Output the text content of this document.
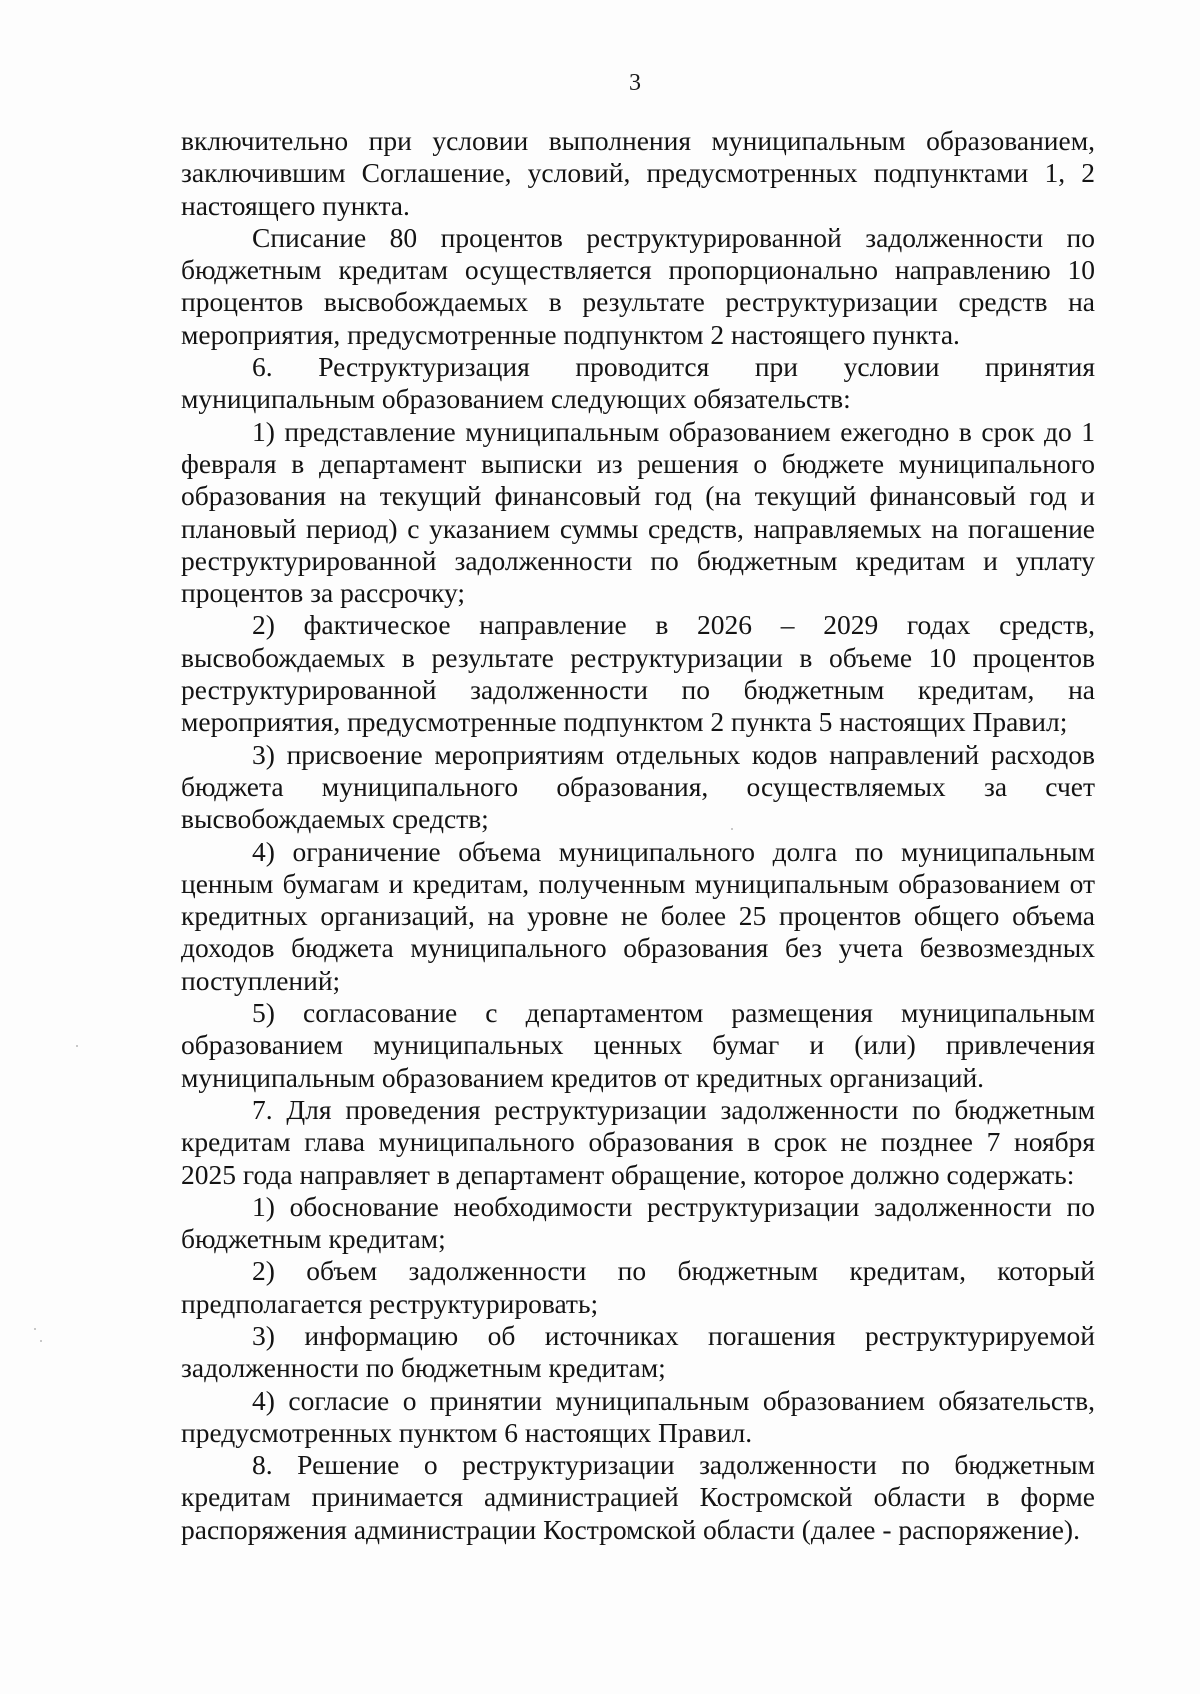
3

включительно при условии выполнения муниципальным образованием, заключившим Соглашение, условий, предусмотренных подпунктами 1, 2 настоящего пункта.

Списание 80 процентов реструктурированной задолженности по бюджетным кредитам осуществляется пропорционально направлению 10 процентов высвобождаемых в результате реструктуризации средств на мероприятия, предусмотренные подпунктом 2 настоящего пункта.

6. Реструктуризация проводится при условии принятия муниципальным образованием следующих обязательств:

1) представление муниципальным образованием ежегодно в срок до 1 февраля в департамент выписки из решения о бюджете муниципального образования на текущий финансовый год (на текущий финансовый год и плановый период) с указанием суммы средств, направляемых на погашение реструктурированной задолженности по бюджетным кредитам и уплату процентов за рассрочку;

2) фактическое направление в 2026 – 2029 годах средств, высвобождаемых в результате реструктуризации в объеме 10 процентов реструктурированной задолженности по бюджетным кредитам, на мероприятия, предусмотренные подпунктом 2 пункта 5 настоящих Правил;

3) присвоение мероприятиям отдельных кодов направлений расходов бюджета муниципального образования, осуществляемых за счет высвобождаемых средств;

4) ограничение объема муниципального долга по муниципальным ценным бумагам и кредитам, полученным муниципальным образованием от кредитных организаций, на уровне не более 25 процентов общего объема доходов бюджета муниципального образования без учета безвозмездных поступлений;

5) согласование с департаментом размещения муниципальным образованием муниципальных ценных бумаг и (или) привлечения муниципальным образованием кредитов от кредитных организаций.

7. Для проведения реструктуризации задолженности по бюджетным кредитам глава муниципального образования в срок не позднее 7 ноября 2025 года направляет в департамент обращение, которое должно содержать:

1) обоснование необходимости реструктуризации задолженности по бюджетным кредитам;

2) объем задолженности по бюджетным кредитам, который предполагается реструктурировать;

3) информацию об источниках погашения реструктурируемой задолженности по бюджетным кредитам;

4) согласие о принятии муниципальным образованием обязательств, предусмотренных пунктом 6 настоящих Правил.

8. Решение о реструктуризации задолженности по бюджетным кредитам принимается администрацией Костромской области в форме распоряжения администрации Костромской области (далее - распоряжение).
